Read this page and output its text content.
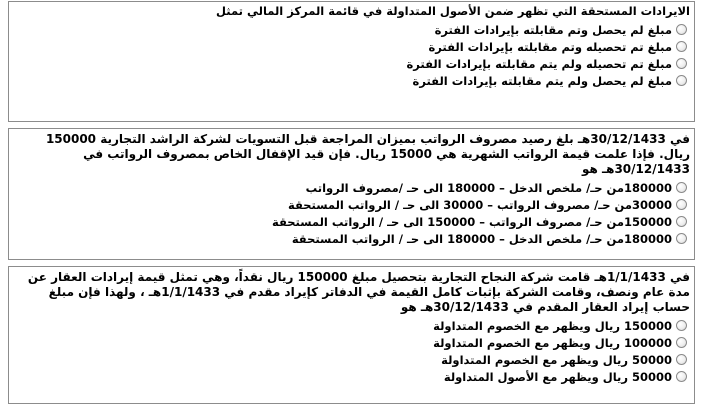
الايرادات المستحقة التي تظهر ضمن الأصول المتداولة في قائمة المركز المالي تمثل
مبلغ لم يحصل وتم مقابلته بإيرادات الفترة
مبلغ تم تحصيله وتم مقابلته بإيرادات الفترة
مبلغ تم تحصيله ولم يتم مقابلته بإيرادات الفترة
مبلغ لم يحصل ولم يتم مقابلته بإيرادات الفترة
في 30/12/1433هـ بلغ رصيد مصروف الرواتب بميزان المراجعة قبل التسويات لشركة الراشد التجارية 150000 ريال. فإذا علمت قيمة الرواتب الشهرية هي 15000 ريال. فإن قيد الإقفال الخاص بمصروف الرواتب في 30/12/1433هـ هو
180000من حـ/ ملخص الدخل – 180000 الى حـ /مصروف الرواتب
30000من حـ/ مصروف الرواتب – 30000 الى حـ / الرواتب المستحقة
150000من حـ/ مصروف الرواتب – 150000 الى حـ / الرواتب المستحقة
180000من حـ/ ملخص الدخل – 180000 الى حـ / الرواتب المستحقة
في 1/1/1433هـ قامت شركة النجاح التجارية بتحصيل مبلغ 150000 ريال نقداً، وهي تمثل قيمة إيرادات العقار عن مدة عام ونصف، وقامت الشركة بإثبات كامل القيمة في الدفاتر كإيراد مقدم في 1/1/1433هـ ، ولهذا فإن مبلغ حساب إيراد العقار المقدم في 30/12/1433هـ هو
150000 ريال ويظهر مع الخصوم المتداولة
100000 ريال ويظهر مع الخصوم المتداولة
50000 ريال ويظهر مع الخصوم المتداولة
50000 ريال ويظهر مع الأصول المتداولة
